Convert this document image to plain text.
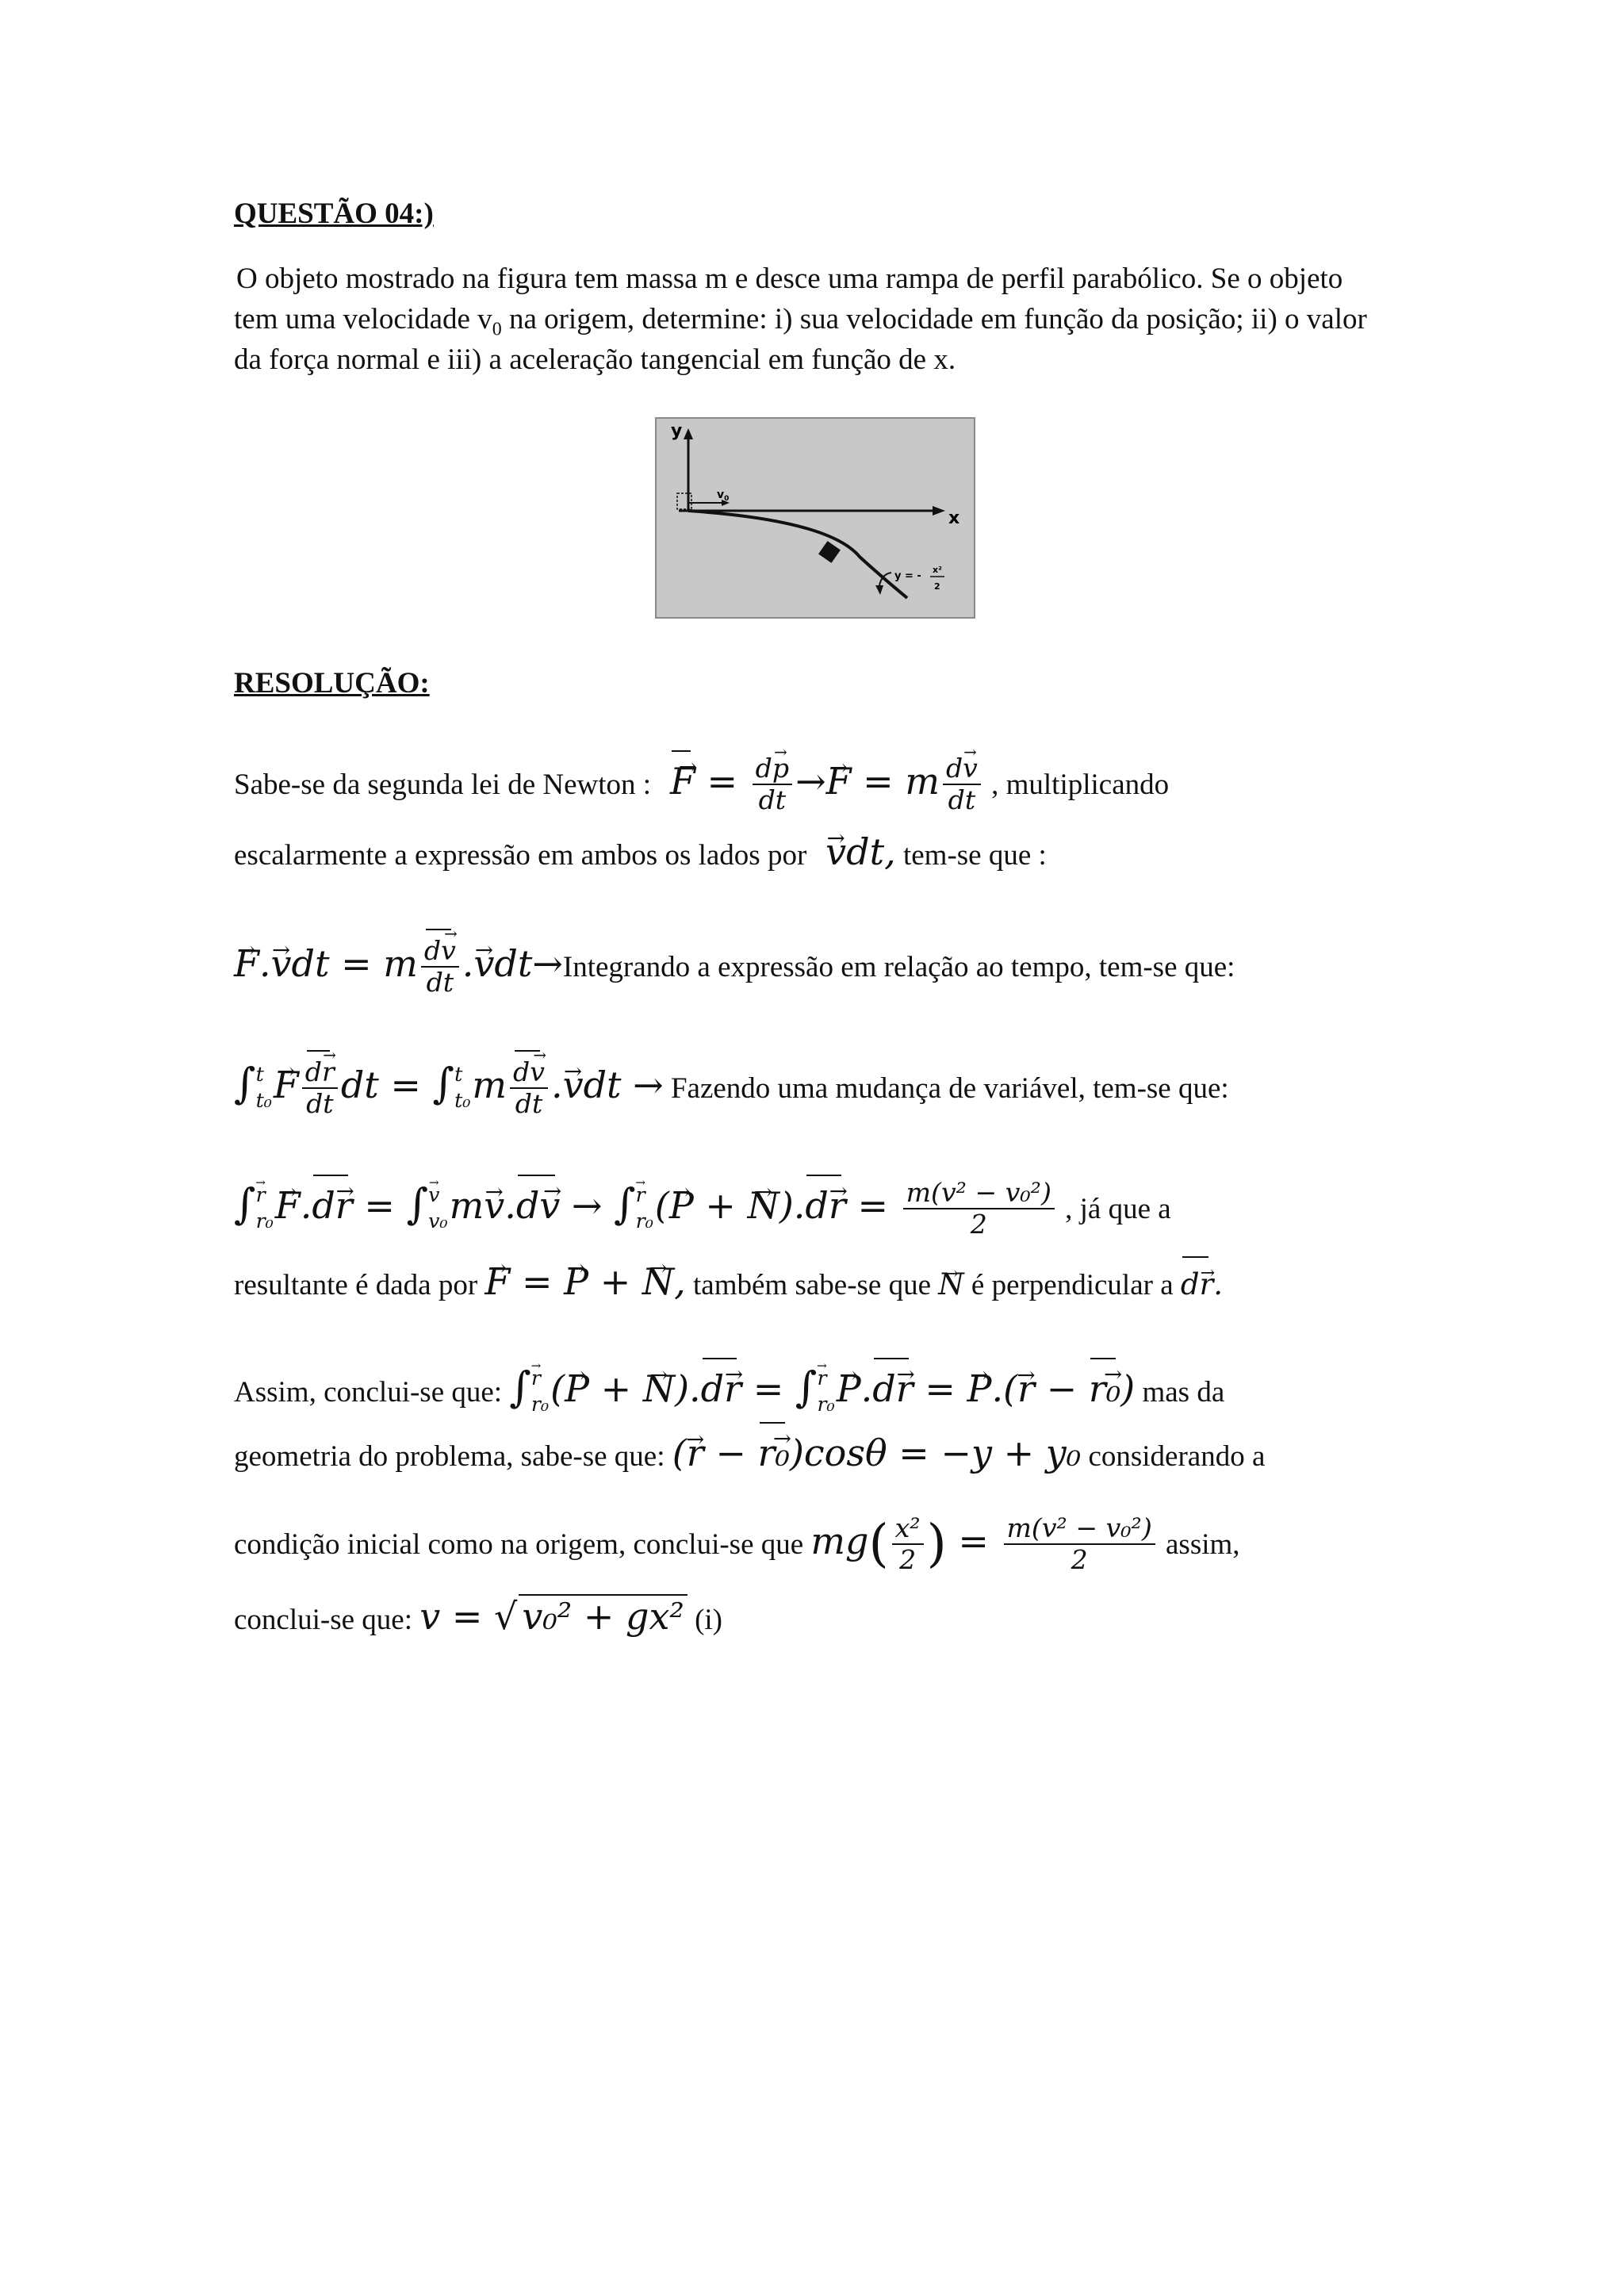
QUESTÃO 04:)
O objeto mostrado na figura tem massa m e desce uma rampa de perfil parabólico. Se o objeto
tem uma velocidade $v_0$ na origem, determine: i) sua velocidade em função da posição; ii) o valor
da força normal e iii) a aceleração tangencial em função de x.
y
x
$v_0$
y = -
x²
2
RESOLUÇÃO:
Sabe-se da segunda lei de Newton :  → $F = \frac{d\to p}{dt} \to\to F = m \frac{d\to v}{dt}$ , multiplicando
escalarmente a expressão em ambos os lados por  → vdt, tem-se que :
→ F.→ vdt = m
→ $\frac{dv}{dt}$ .→ vdt→Integrando a expressão em relação ao tempo, tem-se que:
∫ t
t₀
→ F
→ $\frac{dr}{dt}$ dt = ∫ t
t₀ m
→ $\frac{dv}{dt}$ .→ vdt → Fazendo uma mudança de variável, tem-se que:
∫
→ r
r₀
→ F.→ dr = ∫
→ v
v₀ m→ v.→ dv → ∫
→ r
r₀ (→ P + → N).→ dr = $\frac{\text{m(v² − v₀²)}}{2}$ , já que a
resultante é dada por → F = → P + → N, também sabe-se que → N é perpendicular a → dr.
Assim, conclui-se que: ∫
→ r
r₀ (→ P + → N).→ dr = ∫
→ r
r₀
→ P.→ dr = → P.(→ r − → r₀) mas da
geometria do problema, sabe-se que: (→ r − → r₀)cosθ = −y + y₀ considerando a
condição inicial como na origem, conclui-se que $mg( \frac{\text{x²}}{2}$ ) = $\frac{\text{m(v² − v₀²)}}{2}$ assim,
conclui-se que: v = √ v₀² + gx² (i)
